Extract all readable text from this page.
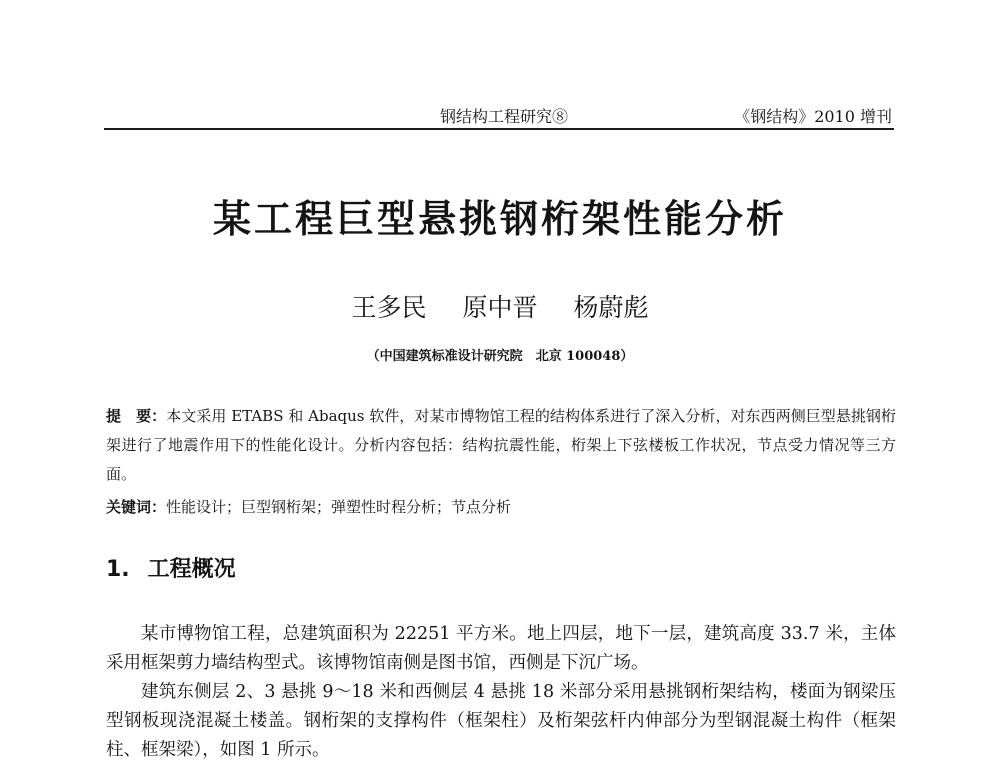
钢结构工程研究⑧	《钢结构》2010 增刊
某工程巨型悬挑钢桁架性能分析
王多民 原中晋 杨蔚彪
（中国建筑标准设计研究院　北京 100048）
提　要：本文采用 ETABS 和 Abaqus 软件，对某市博物馆工程的结构体系进行了深入分析，对东西两侧巨型悬挑钢桁架进行了地震作用下的性能化设计。分析内容包括：结构抗震性能，桁架上下弦楼板工作状况，节点受力情况等三方面。
关键词：性能设计；巨型钢桁架；弹塑性时程分析；节点分析
1. 工程概况

某市博物馆工程，总建筑面积为 22251 平方米。地上四层，地下一层，建筑高度 33.7 米，主体采用框架剪力墙结构型式。该博物馆南侧是图书馆，西侧是下沉广场。

建筑东侧层 2、3 悬挑 9～18 米和西侧层 4 悬挑 18 米部分采用悬挑钢桁架结构，楼面为钢梁压型钢板现浇混凝土楼盖。钢桁架的支撑构件（框架柱）及桁架弦杆内伸部分为型钢混凝土构件（框架柱、框架梁），如图 1 所示。
